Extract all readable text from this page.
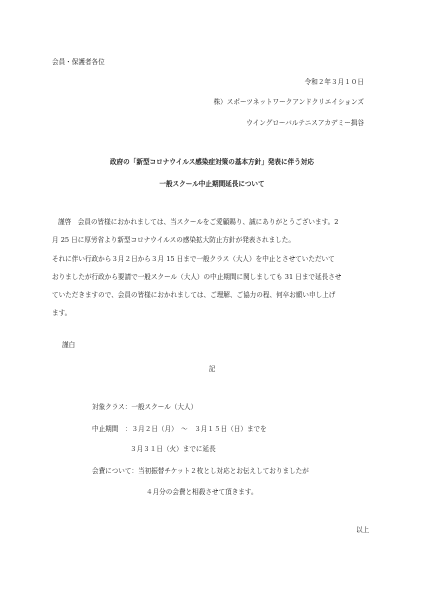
会員・保護者各位
令和２年３月１０日
株）スポーツネットワークアンドクリエイションズ
ウイングローバルテニスアカデミー揖谷
政府の「新型コロナウイルス感染症対策の基本方針」発表に伴う対応
一般スクール中止期間延長について
謹啓　会員の皆様におかれましては、当スクールをご愛顧賜り、誠にありがとうございます。2
月 25 日に厚労省より新型コロナウイルスの感染拡大防止方針が発表されました。
それに伴い行政から３月２日から３月 15 日まで一般クラス（大人）を中止とさせていただいて
おりましたが行政から要請で一般スクール（大人）の中止期間に関しましても 31 日まで延長させ
ていただきますので、会員の皆様におかれましては、ご理解、ご協力の程、何卒お願い申し上げ
ます。
謹白
記
対象クラス：一般スクール（大人）
中止期間　：３月２日（月）　～　３月１５日（日）までを
３月３１日（火）までに延長
会費について：当初振替チケット２枚とし対応とお伝えしておりましたが
４月分の会費と相殺させて頂きます。
以上
